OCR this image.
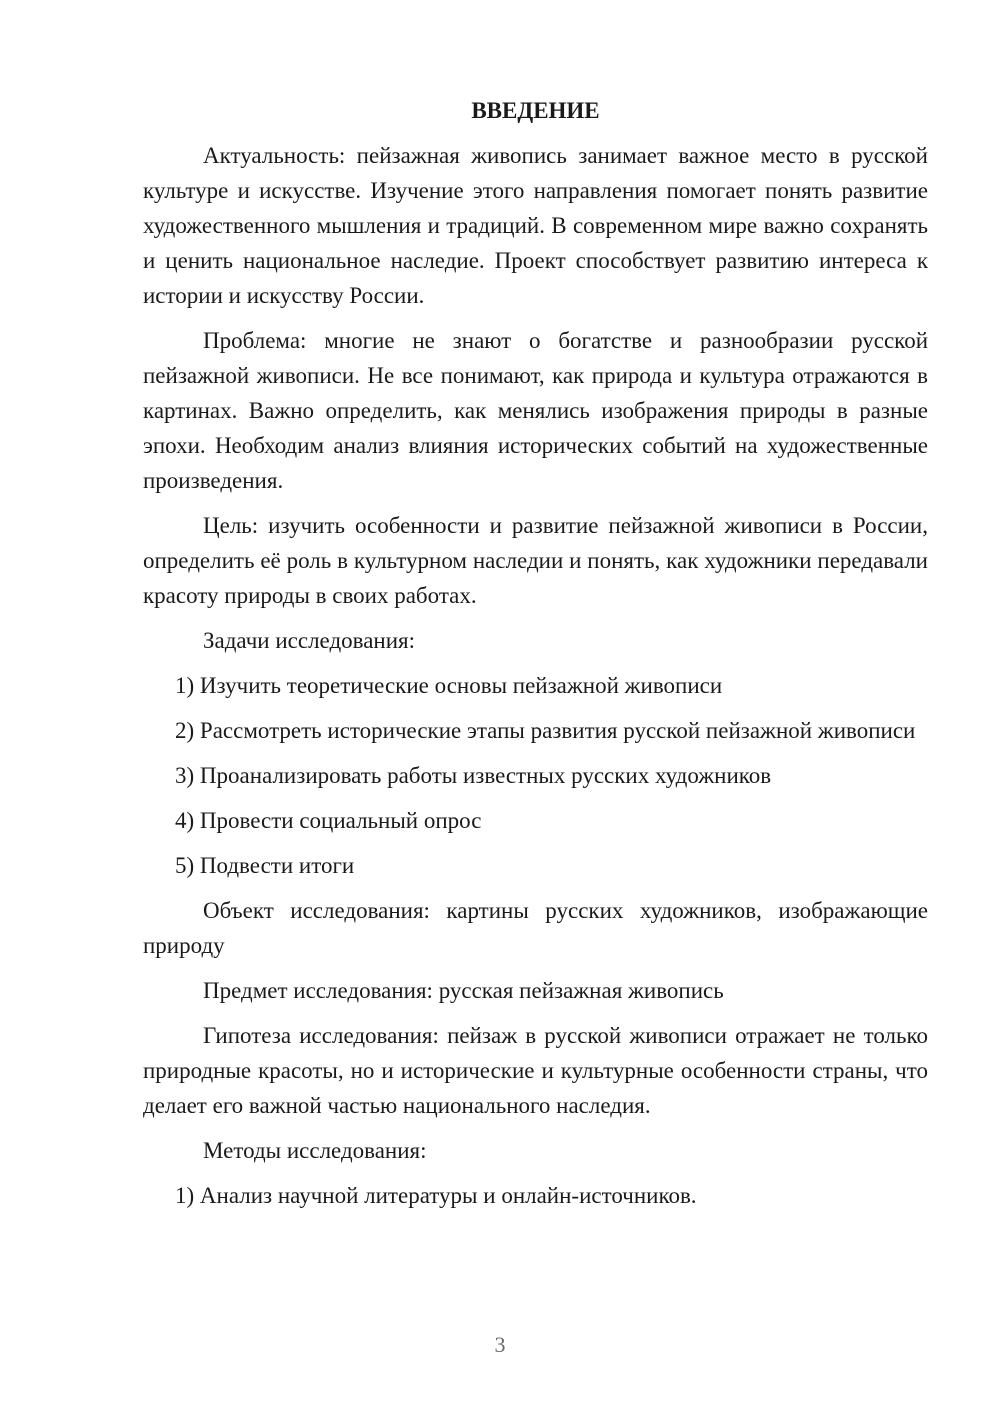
ВВЕДЕНИЕ

Актуальность: пейзажная живопись занимает важное место в русской культуре и искусстве. Изучение этого направления помогает понять развитие художественного мышления и традиций. В современном мире важно сохранять и ценить национальное наследие. Проект способствует развитию интереса к истории и искусству России.

Проблема: многие не знают о богатстве и разнообразии русской пейзажной живописи. Не все понимают, как природа и культура отражаются в картинах. Важно определить, как менялись изображения природы в разные эпохи. Необходим анализ влияния исторических событий на художественные произведения.

Цель: изучить особенности и развитие пейзажной живописи в России, определить её роль в культурном наследии и понять, как художники передавали красоту природы в своих работах.

Задачи исследования:

1) Изучить теоретические основы пейзажной живописи

2) Рассмотреть исторические этапы развития русской пейзажной живописи

3) Проанализировать работы известных русских художников

4) Провести социальный опрос

5) Подвести итоги

Объект исследования: картины русских художников, изображающие природу

Предмет исследования: русская пейзажная живопись

Гипотеза исследования: пейзаж в русской живописи отражает не только природные красоты, но и исторические и культурные особенности страны, что делает его важной частью национального наследия.

Методы исследования:

1) Анализ научной литературы и онлайн-источников.

3
